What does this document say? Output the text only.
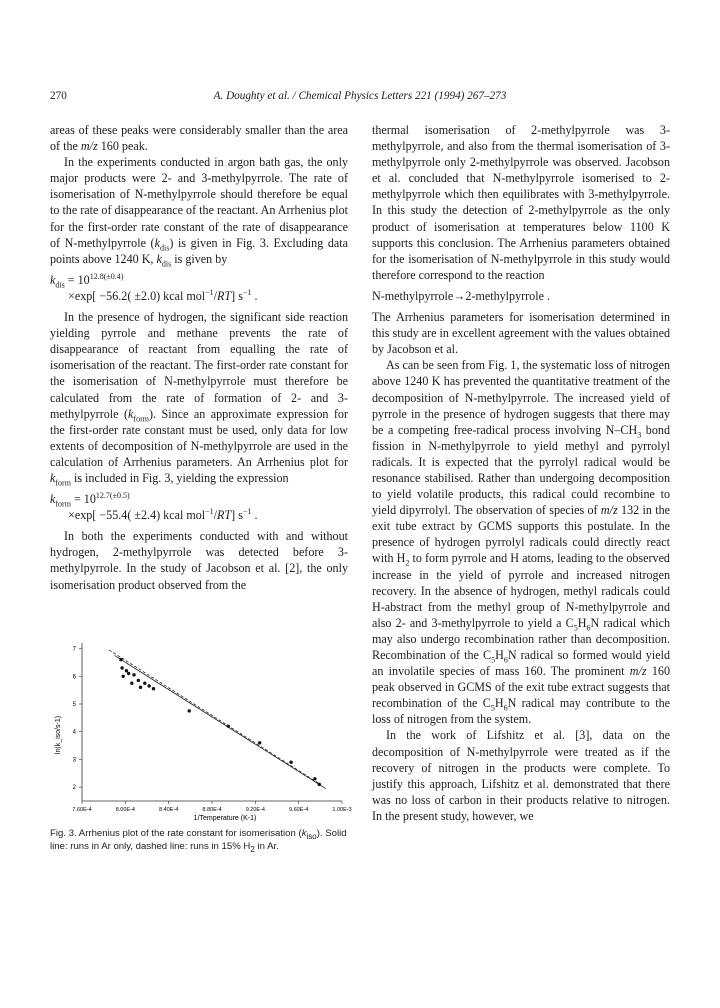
270	A. Doughty et al. / Chemical Physics Letters 221 (1994) 267–273

areas of these peaks were considerably smaller than the area of the m/z 160 peak.

In the experiments conducted in argon bath gas, the only major products were 2- and 3-methylpyrrole. The rate of isomerisation of N-methylpyrrole should therefore be equal to the rate of disappearance of the reactant. An Arrhenius plot for the first-order rate constant of the rate of disappearance of N-methylpyrrole $(k_{dis})$ is given in Fig. 3. Excluding data points above 1240 K, $k_{dis}$ is given by

$k_{dis} = 10^{12.8(\pm 0.4)}$
×exp[ −56.2( ±2.0) kcal mol$^{-1}$/RT] $s^{-1}$ .

In the presence of hydrogen, the significant side reaction yielding pyrrole and methane prevents the rate of disappearance of reactant from equalling the rate of isomerisation of the reactant. The first-order rate constant for the isomerisation of N-methylpyrrole must therefore be calculated from the rate of formation of 2- and 3-methylpyrrole $(k_{form})$. Since an approximate expression for the first-order rate constant must be used, only data for low extents of decomposition of N-methylpyrrole are used in the calculation of Arrhenius parameters. An Arrhenius plot for $k_{form}$ is included in Fig. 3, yielding the expression

$k_{form} = 10^{12.7(\pm 0.5)}$
×exp[ −55.4( ±2.4) kcal mol$^{-1}$/RT] $s^{-1}$ .

In both the experiments conducted with and without hydrogen, 2-methylpyrrole was detected before 3-methylpyrrole. In the study of Jacobson et al. [2], the only isomerisation product observed from the

7.60E-4	8.00E-4	8.40E-4	8.80E-4	9.20E-4	9.60E-4	1.00E-3
2
3
4
5
6
7
1/Temperature (K-1)
ln(k_iso/s-1)
Fig. 3. Arrhenius plot of the rate constant for isomerisation $(k_{iso})$. Solid line: runs in Ar only, dashed line: runs in 15% $H_2$ in Ar.

thermal isomerisation of 2-methylpyrrole was 3-methylpyrrole, and also from the thermal isomerisation of 3-methylpyrrole only 2-methylpyrrole was observed. Jacobson et al. concluded that N-methylpyrrole isomerised to 2-methylpyrrole which then equilibrates with 3-methylpyrrole. In this study the detection of 2-methylpyrrole as the only product of isomerisation at temperatures below 1100 K supports this conclusion. The Arrhenius parameters obtained for the isomerisation of N-methylpyrrole in this study would therefore correspond to the reaction

N-methylpyrrole→2-methylpyrrole .

The Arrhenius parameters for isomerisation determined in this study are in excellent agreement with the values obtained by Jacobson et al.

As can be seen from Fig. 1, the systematic loss of nitrogen above 1240 K has prevented the quantitative treatment of the decomposition of N-methylpyrrole. The increased yield of pyrrole in the presence of hydrogen suggests that there may be a competing free-radical process involving $N-CH_3$ bond fission in N-methylpyrrole to yield methyl and pyrrolyl radicals. It is expected that the pyrrolyl radical would be resonance stabilised. Rather than undergoing decomposition to yield volatile products, this radical could recombine to yield dipyrrolyl. The observation of species of m/z 132 in the exit tube extract by GCMS supports this postulate. In the presence of hydrogen pyrrolyl radicals could directly react with $H_2$ to form pyrrole and H atoms, leading to the observed increase in the yield of pyrrole and increased nitrogen recovery. In the absence of hydrogen, methyl radicals could H-abstract from the methyl group of N-methylpyrrole and also 2- and 3-methylpyrrole to yield a $C_5H_6N$ radical which may also undergo recombination rather than decomposition. Recombination of the $C_5H_6N$ radical so formed would yield an involatile species of mass 160. The prominent m/z 160 peak observed in GCMS of the exit tube extract suggests that recombination of the $C_5H_6N$ radical may contribute to the loss of nitrogen from the system.

In the work of Lifshitz et al. [3], data on the decomposition of N-methylpyrrole were treated as if the recovery of nitrogen in the products were complete. To justify this approach, Lifshitz et al. demonstrated that there was no loss of carbon in their products relative to nitrogen. In the present study, however, we
